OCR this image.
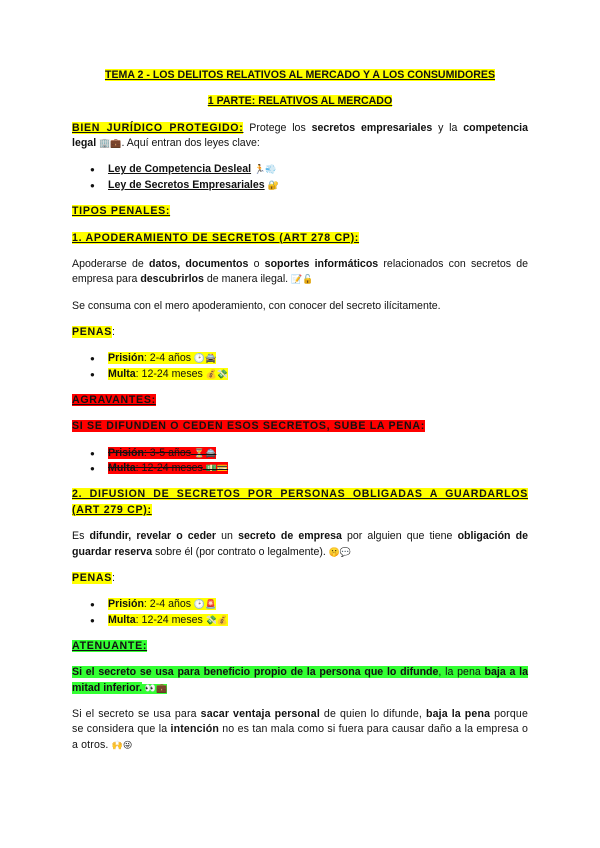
TEMA 2 - LOS DELITOS RELATIVOS AL MERCADO Y A LOS CONSUMIDORES

1 PARTE: RELATIVOS AL MERCADO

BIEN JURÍDICO PROTEGIDO: Protege los secretos empresariales y la competencia legal 🏢💼. Aquí entran dos leyes clave:

● Ley de Competencia Desleal 🏃💨
● Ley de Secretos Empresariales 🔐

TIPOS PENALES:

1. APODERAMIENTO DE SECRETOS (ART 278 CP):

Apoderarse de datos, documentos o soportes informáticos relacionados con secretos de empresa para descubrirlos de manera ilegal. 📝🔓

Se consuma con el mero apoderamiento, con conocer del secreto ilícitamente.

PENAS:

● Prisión: 2-4 años 🕑🚔
● Multa: 12-24 meses 💰💸

AGRAVANTES:

SI SE DIFUNDEN O CEDEN ESOS SECRETOS, SUBE LA PENA:

● Prisión: 3-5 años ⏳🚔
● Multa: 12-24 meses 💵💳

2. DIFUSION DE SECRETOS POR PERSONAS OBLIGADAS A GUARDARLOS (ART 279 CP):

Es difundir, revelar o ceder un secreto de empresa por alguien que tiene obligación de guardar reserva sobre él (por contrato o legalmente). 🤫💬

PENAS:

● Prisión: 2-4 años 🕑🚨
● Multa: 12-24 meses 💸💰

ATENUANTE:

Si el secreto se usa para beneficio propio de la persona que lo difunde, la pena baja a la mitad inferior. 👀💼

Si el secreto se usa para sacar ventaja personal de quien lo difunde, baja la pena porque se considera que la intención no es tan mala como si fuera para causar daño a la empresa o a otros. 🙌😜
